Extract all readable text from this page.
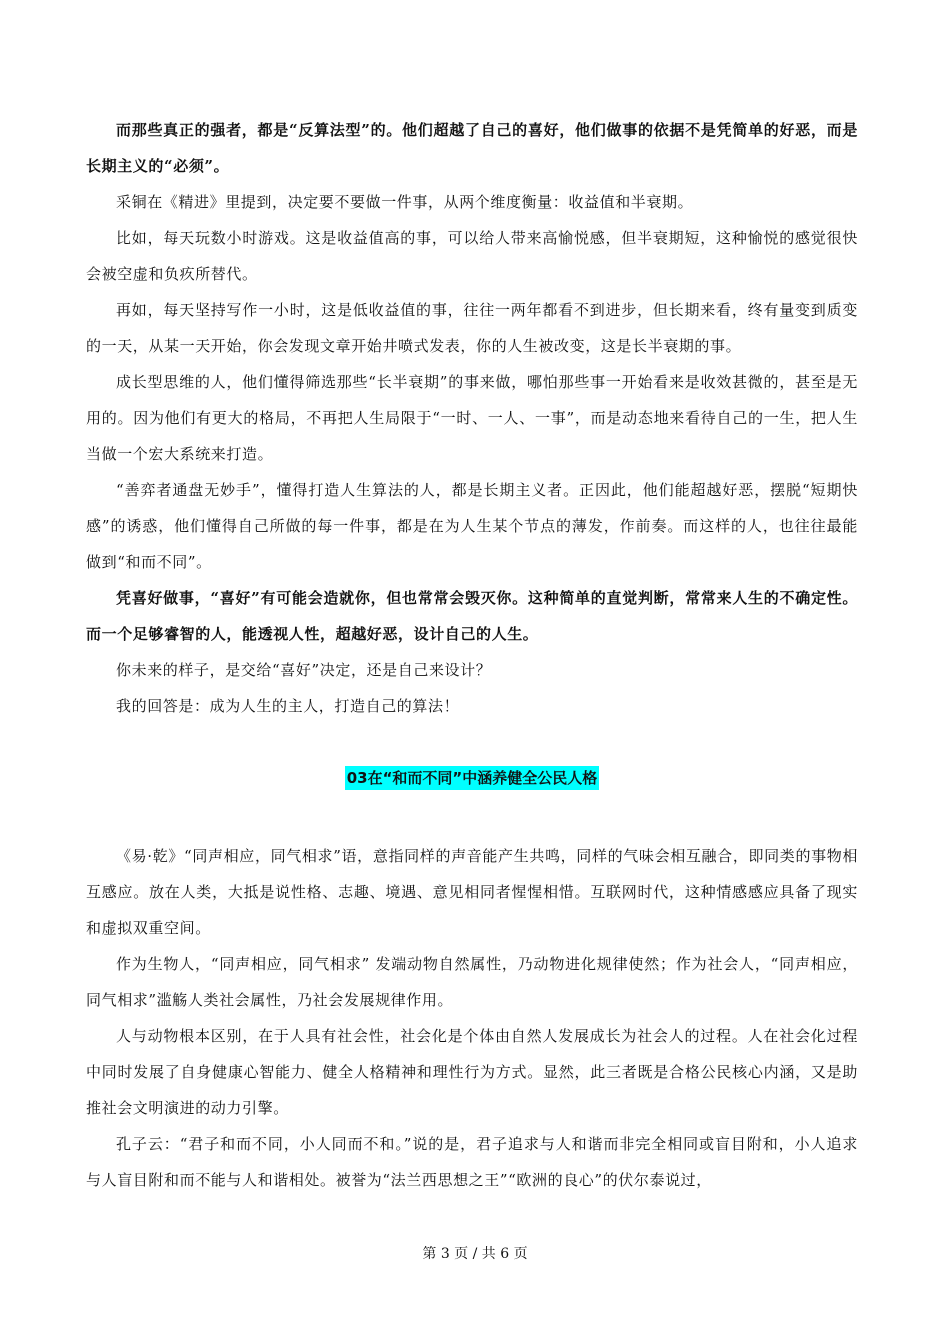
而那些真正的强者，都是“反算法型”的。他们超越了自己的喜好，他们做事的依据不是凭简单的好恶，而是长期主义的“必须”。

采铜在《精进》里提到，决定要不要做一件事，从两个维度衡量：收益值和半衰期。

比如，每天玩数小时游戏。这是收益值高的事，可以给人带来高愉悦感，但半衰期短，这种愉悦的感觉很快会被空虚和负疚所替代。

再如，每天坚持写作一小时，这是低收益值的事，往往一两年都看不到进步，但长期来看，终有量变到质变的一天，从某一天开始，你会发现文章开始井喷式发表，你的人生被改变，这是长半衰期的事。

成长型思维的人，他们懂得筛选那些“长半衰期”的事来做，哪怕那些事一开始看来是收效甚微的，甚至是无用的。因为他们有更大的格局，不再把人生局限于“一时、一人、一事”，而是动态地来看待自己的一生，把人生当做一个宏大系统来打造。

“善弈者通盘无妙手”，懂得打造人生算法的人，都是长期主义者。正因此，他们能超越好恶，摆脱“短期快感”的诱惑，他们懂得自己所做的每一件事，都是在为人生某个节点的薄发，作前奏。而这样的人，也往往最能做到“和而不同”。

凭喜好做事，“喜好”有可能会造就你，但也常常会毁灭你。这种简单的直觉判断，常常来人生的不确定性。而一个足够睿智的人，能透视人性，超越好恶，设计自己的人生。

你未来的样子，是交给“喜好”决定，还是自己来设计？

我的回答是：成为人生的主人，打造自己的算法！

03在“和而不同”中涵养健全公民人格

《易·乾》“同声相应，同气相求”语，意指同样的声音能产生共鸣，同样的气味会相互融合，即同类的事物相互感应。放在人类，大抵是说性格、志趣、境遇、意见相同者惺惺相惜。互联网时代，这种情感感应具备了现实和虚拟双重空间。

作为生物人，“同声相应，同气相求” 发端动物自然属性，乃动物进化规律使然；作为社会人，“同声相应，同气相求”滥觞人类社会属性，乃社会发展规律作用。

人与动物根本区别，在于人具有社会性，社会化是个体由自然人发展成长为社会人的过程。人在社会化过程中同时发展了自身健康心智能力、健全人格精神和理性行为方式。显然，此三者既是合格公民核心内涵，又是助推社会文明演进的动力引擎。

孔子云：“君子和而不同，小人同而不和。”说的是，君子追求与人和谐而非完全相同或盲目附和，小人追求与人盲目附和而不能与人和谐相处。被誉为“法兰西思想之王”“欧洲的良心”的伏尔泰说过，

第 3 页 / 共 6 页
